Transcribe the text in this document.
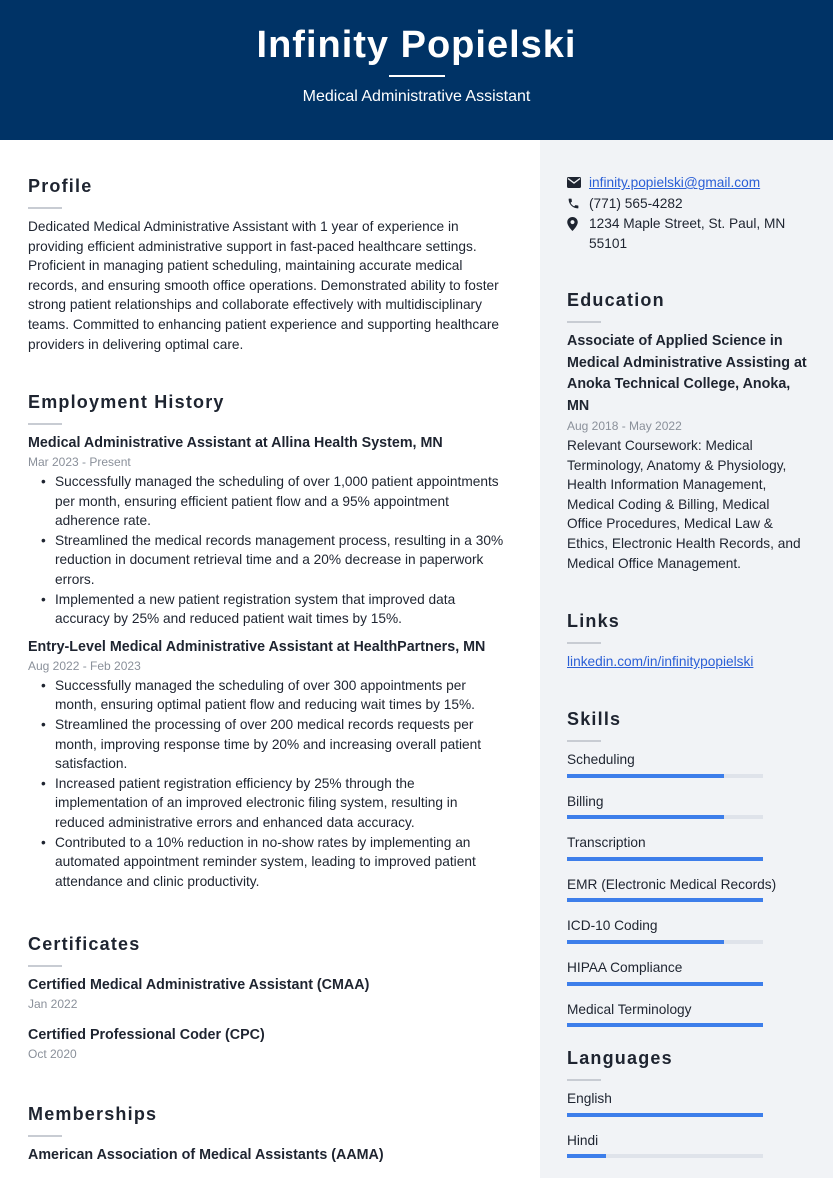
Infinity Popielski
Medical Administrative Assistant
Profile

Dedicated Medical Administrative Assistant with 1 year of experience in providing efficient administrative support in fast-paced healthcare settings. Proficient in managing patient scheduling, maintaining accurate medical records, and ensuring smooth office operations. Demonstrated ability to foster strong patient relationships and collaborate effectively with multidisciplinary teams. Committed to enhancing patient experience and supporting healthcare providers in delivering optimal care.

Employment History
Medical Administrative Assistant at Allina Health System, MN
Mar 2023 - Present
• Successfully managed the scheduling of over 1,000 patient appointments per month, ensuring efficient patient flow and a 95% appointment adherence rate.
• Streamlined the medical records management process, resulting in a 30% reduction in document retrieval time and a 20% decrease in paperwork errors.
• Implemented a new patient registration system that improved data accuracy by 25% and reduced patient wait times by 15%.
Entry-Level Medical Administrative Assistant at HealthPartners, MN
Aug 2022 - Feb 2023
• Successfully managed the scheduling of over 300 appointments per month, ensuring optimal patient flow and reducing wait times by 15%.
• Streamlined the processing of over 200 medical records requests per month, improving response time by 20% and increasing overall patient satisfaction.
• Increased patient registration efficiency by 25% through the implementation of an improved electronic filing system, resulting in reduced administrative errors and enhanced data accuracy.
• Contributed to a 10% reduction in no-show rates by implementing an automated appointment reminder system, leading to improved patient attendance and clinic productivity.
Certificates
Certified Medical Administrative Assistant (CMAA)
Jan 2022
Certified Professional Coder (CPC)
Oct 2020
Memberships
American Association of Medical Assistants (AAMA)
infinity.popielski@gmail.com
(771) 565-4282
1234 Maple Street, St. Paul, MN 55101
Education
Associate of Applied Science in Medical Administrative Assisting at Anoka Technical College, Anoka, MN
Aug 2018 - May 2022

Relevant Coursework: Medical Terminology, Anatomy & Physiology, Health Information Management, Medical Coding & Billing, Medical Office Procedures, Medical Law & Ethics, Electronic Health Records, and Medical Office Management.

Links
linkedin.com/in/infinitypopielski
Skills
Scheduling
Billing
Transcription
EMR (Electronic Medical Records)
ICD-10 Coding
HIPAA Compliance
Medical Terminology
Languages
English
Hindi
